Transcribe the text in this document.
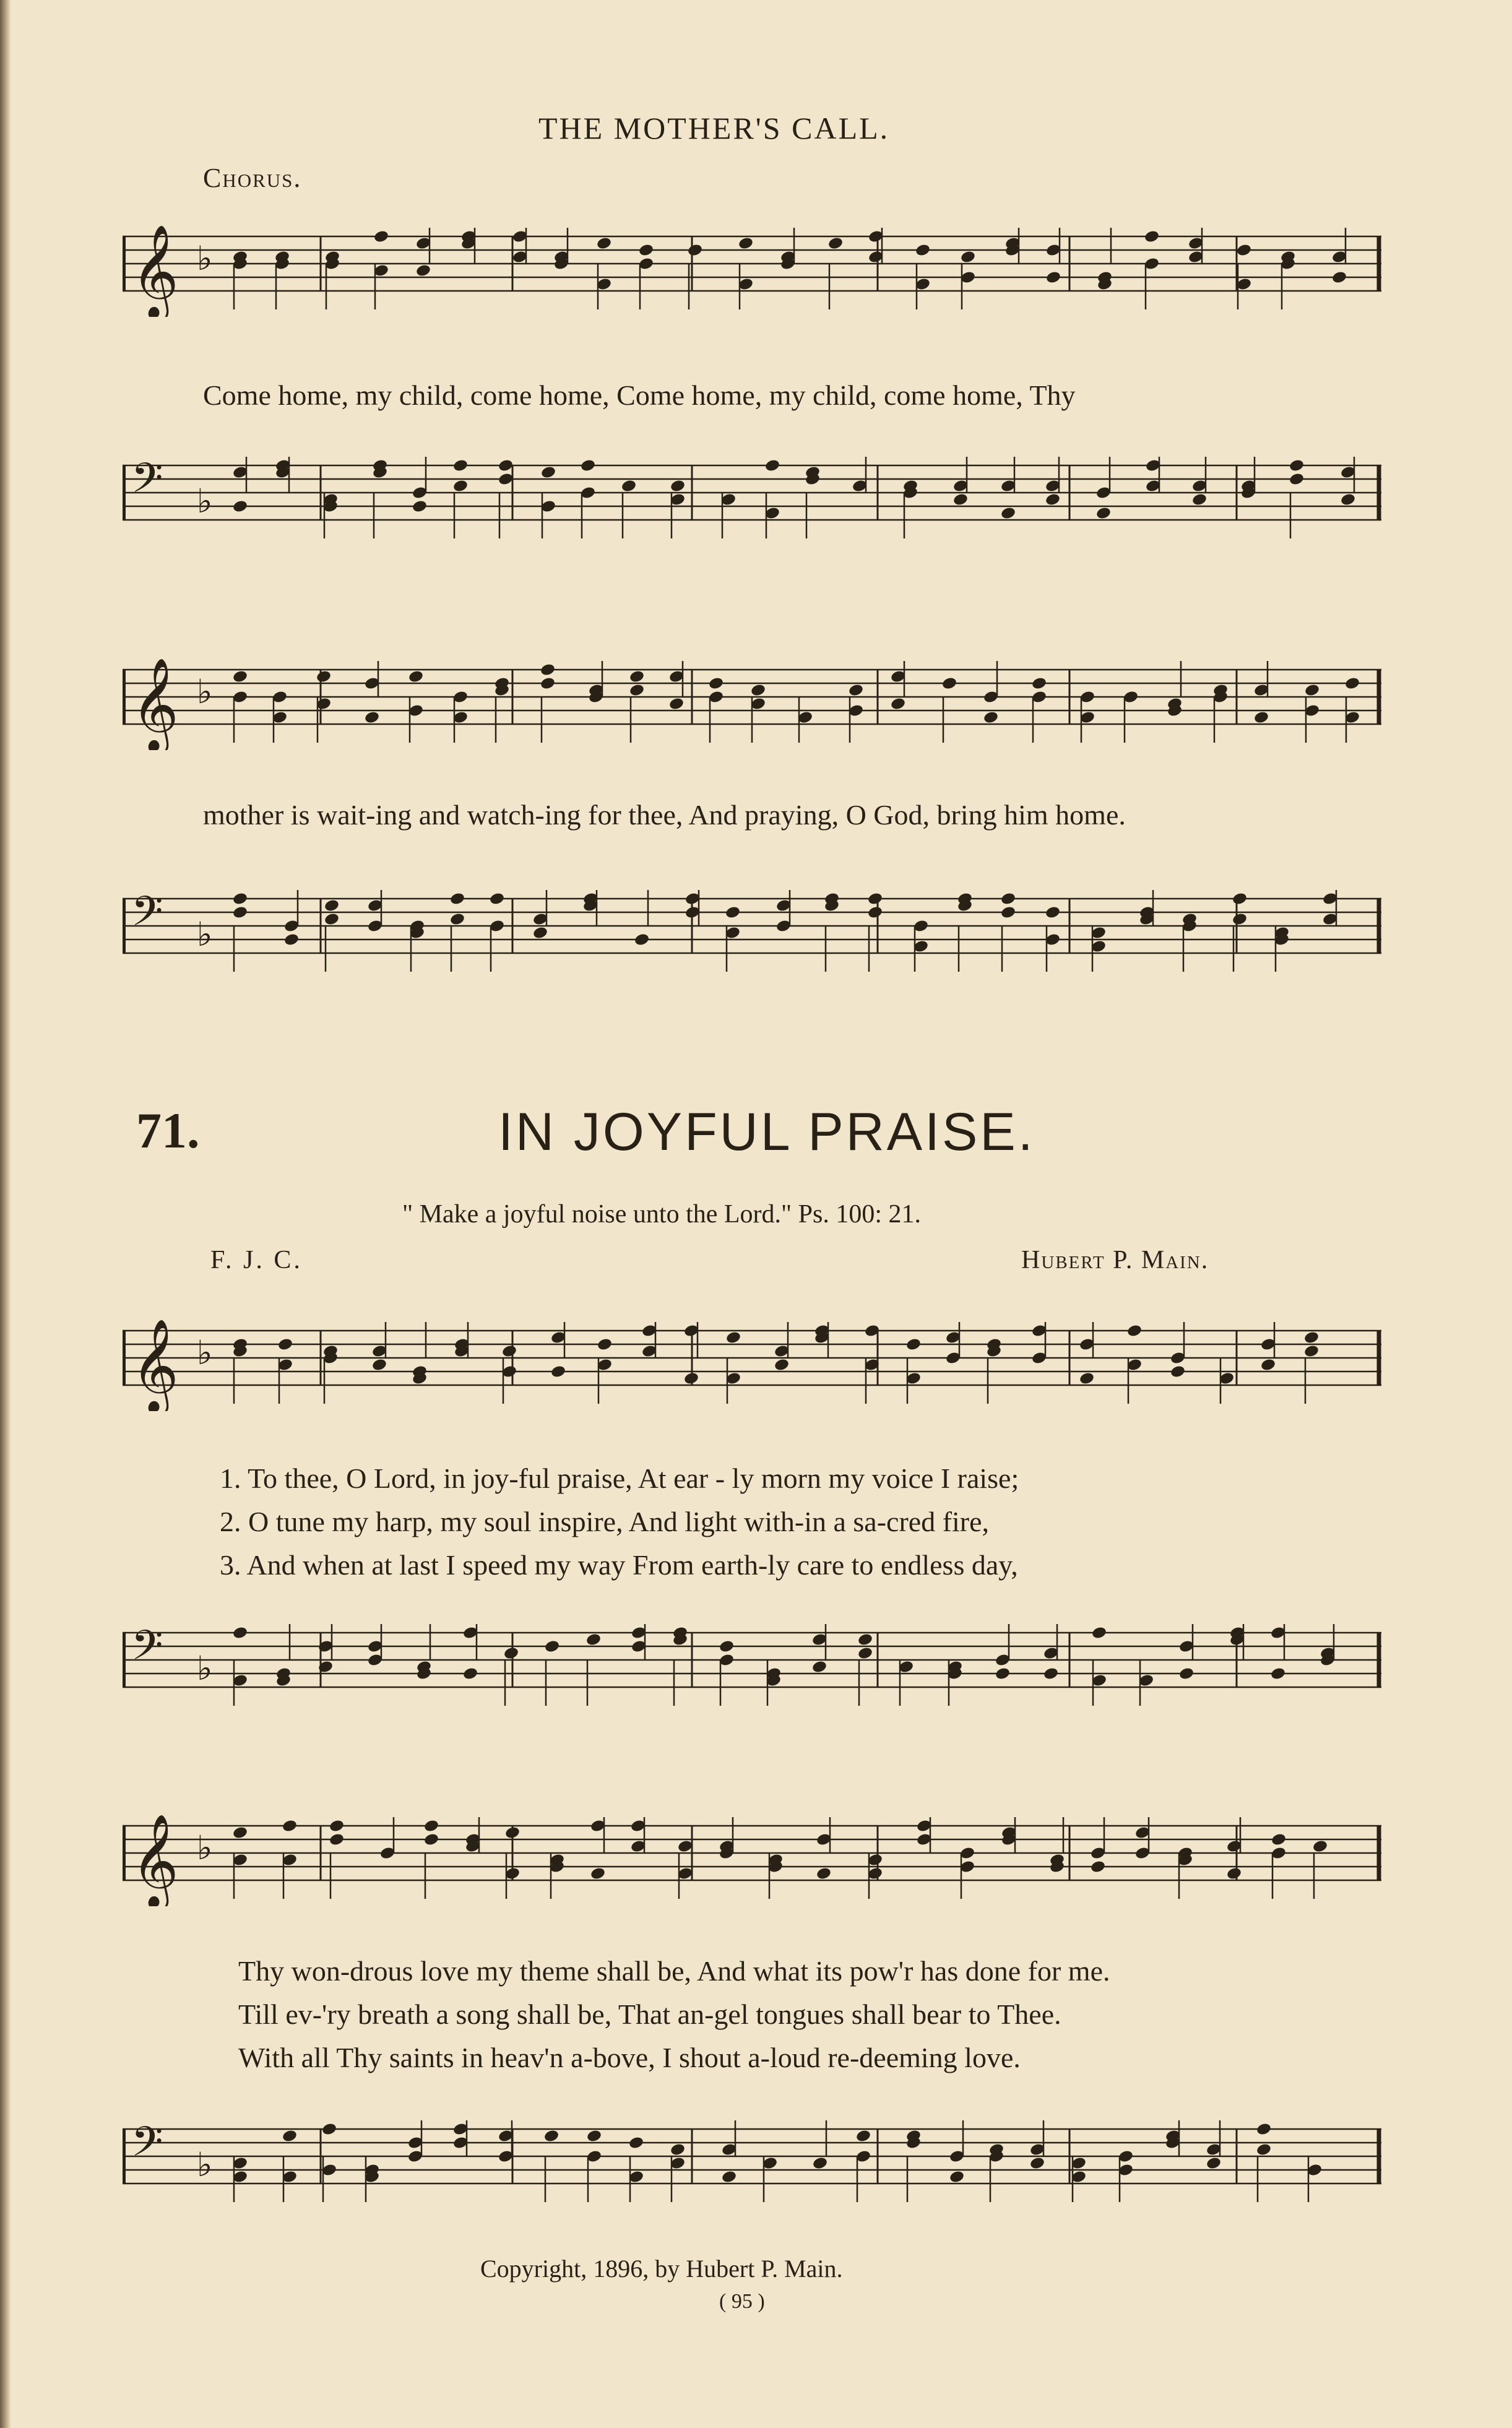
THE MOTHER'S CALL.
Chorus.
𝄞 ♭
Come home, my child, come home, Come home, my child, come home, Thy
𝄢 ♭
𝄞 ♭
mother is wait-ing and watch-ing for thee, And praying, O God, bring him home.
𝄢 ♭
71.	IN JOYFUL PRAISE.
" Make a joyful noise unto the Lord." Ps. 100: 21.
F. J. C.	Hubert P. Main.
𝄞 ♭
1. To thee, O Lord, in joy-ful praise, At ear - ly morn my voice I raise;
2. O tune my harp, my soul inspire, And light with-in a sa-cred fire,
3. And when at last I speed my way From earth-ly care to endless day,
𝄢 ♭
𝄞 ♭
Thy won-drous love my theme shall be, And what its pow'r has done for me.
Till ev-'ry breath a song shall be, That an-gel tongues shall bear to Thee.
With all Thy saints in heav'n a-bove, I shout a-loud re-deeming love.
𝄢 ♭
Copyright, 1896, by Hubert P. Main.
( 95 )
